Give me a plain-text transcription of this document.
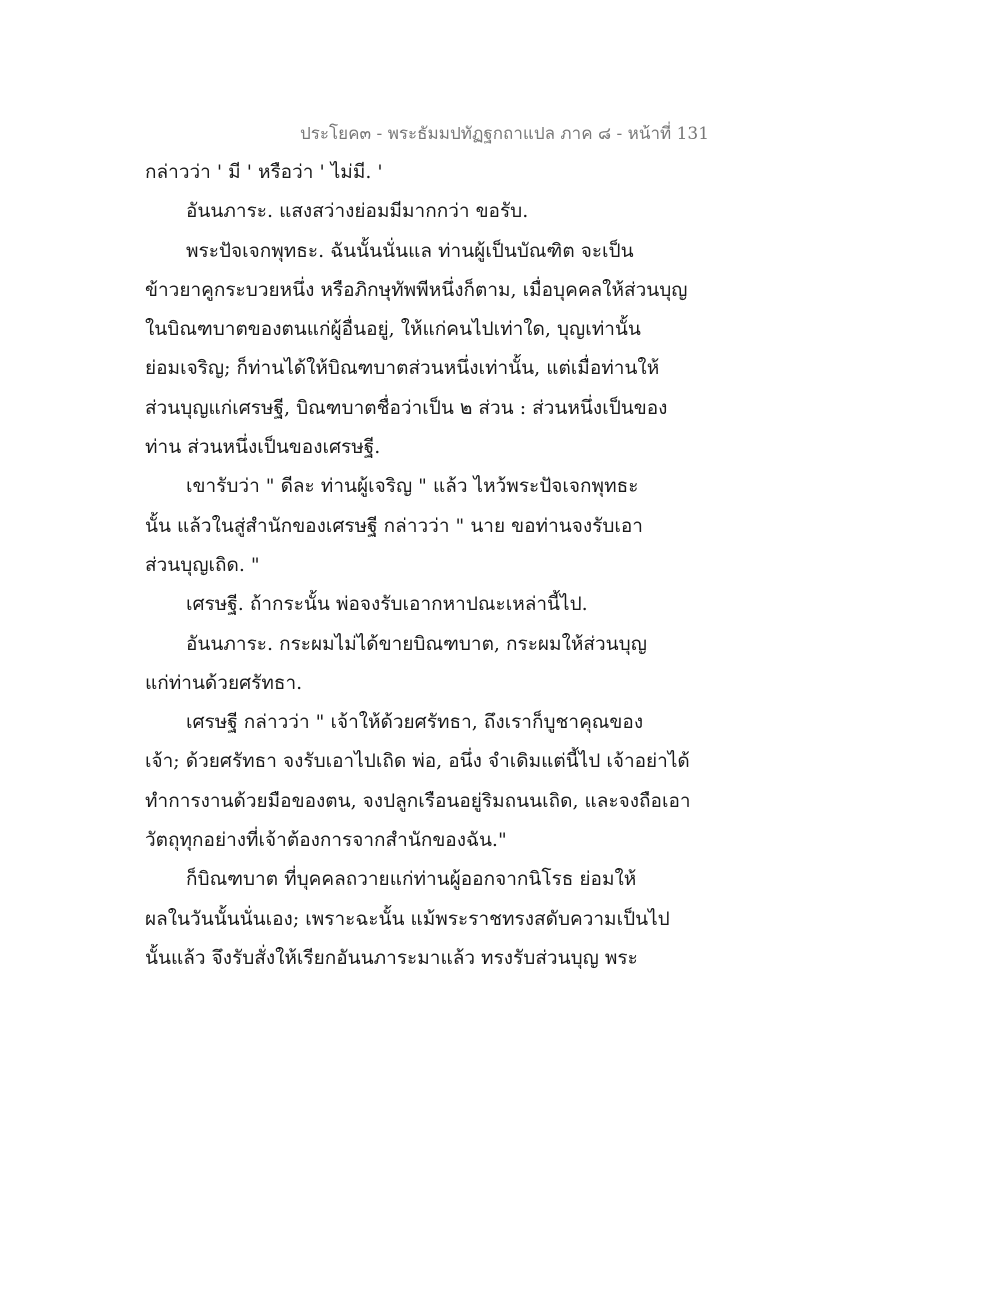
ประโยค๓ - พระธัมมปทัฏฐกถาแปล ภาค ๘ - หน้าที่ 131
กล่าวว่า ' มี ' หรือว่า ' ไม่มี. '
อันนภาระ. แสงสว่างย่อมมีมากกว่า ขอรับ.
พระปัจเจกพุทธะ. ฉันนั้นนั่นแล ท่านผู้เป็นบัณฑิต จะเป็น
ข้าวยาคูกระบวยหนึ่ง หรือภิกษุทัพพีหนึ่งก็ตาม, เมื่อบุคคลให้ส่วนบุญ
ในบิณฑบาตของตนแก่ผู้อื่นอยู่, ให้แก่คนไปเท่าใด, บุญเท่านั้น
ย่อมเจริญ; ก็ท่านได้ให้บิณฑบาตส่วนหนึ่งเท่านั้น, แต่เมื่อท่านให้
ส่วนบุญแก่เศรษฐี, บิณฑบาตชื่อว่าเป็น ๒ ส่วน : ส่วนหนึ่งเป็นของ
ท่าน ส่วนหนึ่งเป็นของเศรษฐี.
เขารับว่า " ดีละ ท่านผู้เจริญ " แล้ว ไหว้พระปัจเจกพุทธะ
นั้น แล้วในสู่สำนักของเศรษฐี กล่าวว่า " นาย ขอท่านจงรับเอา
ส่วนบุญเถิด. "
เศรษฐี. ถ้ากระนั้น พ่อจงรับเอากหาปณะเหล่านี้ไป.
อันนภาระ. กระผมไม่ได้ขายบิณฑบาต, กระผมให้ส่วนบุญ
แก่ท่านด้วยศรัทธา.
เศรษฐี กล่าวว่า " เจ้าให้ด้วยศรัทธา, ถึงเราก็บูชาคุณของ
เจ้า; ด้วยศรัทธา จงรับเอาไปเถิด พ่อ, อนึ่ง จำเดิมแต่นี้ไป เจ้าอย่าได้
ทำการงานด้วยมือของตน, จงปลูกเรือนอยู่ริมถนนเถิด, และจงถือเอา
วัตถุทุกอย่างที่เจ้าต้องการจากสำนักของฉัน."
ก็บิณฑบาต ที่บุคคลถวายแก่ท่านผู้ออกจากนิโรธ ย่อมให้
ผลในวันนั้นนั่นเอง; เพราะฉะนั้น แม้พระราชทรงสดับความเป็นไป
นั้นแล้ว จึงรับสั่งให้เรียกอันนภาระมาแล้ว ทรงรับส่วนบุญ พระ
